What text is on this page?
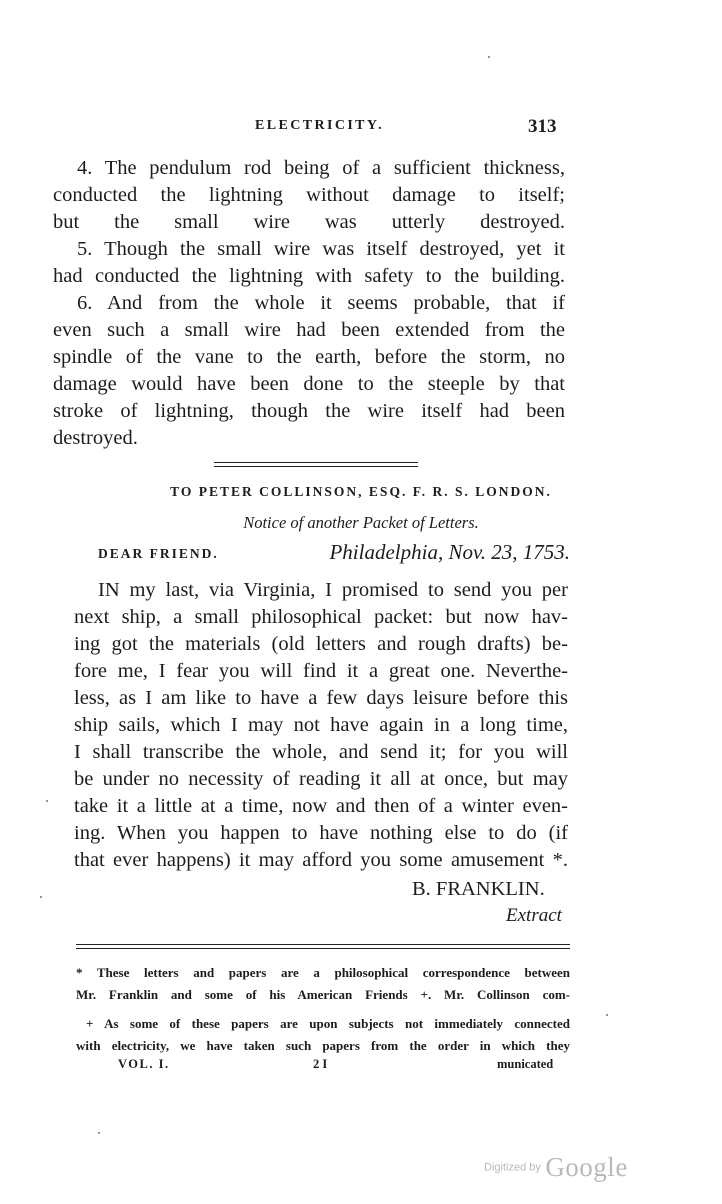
ELECTRICITY.	313
4. The pendulum rod being of a sufficient thickness,
conducted the lightning without damage to itself;
but the small wire was utterly destroyed.
5. Though the small wire was itself destroyed, yet it
had conducted the lightning with safety to the building.
6. And from the whole it seems probable, that if
even such a small wire had been extended from the
spindle of the vane to the earth, before the storm, no
damage would have been done to the steeple by that
stroke of lightning, though the wire itself had been
destroyed.
TO PETER COLLINSON, ESQ. F. R. S. LONDON.
Notice of another Packet of Letters.
DEAR FRIEND.	Philadelphia, Nov. 23, 1753.
IN my last, via Virginia, I promised to send you per
next ship, a small philosophical packet: but now hav-
ing got the materials (old letters and rough drafts) be-
fore me, I fear you will find it a great one. Neverthe-
less, as I am like to have a few days leisure before this
ship sails, which I may not have again in a long time,
I shall transcribe the whole, and send it; for you will
be under no necessity of reading it all at once, but may
take it a little at a time, now and then of a winter even-
ing. When you happen to have nothing else to do (if
that ever happens) it may afford you some amusement *.
B. FRANKLIN.
Extract
* These letters and papers are a philosophical correspondence between
Mr. Franklin and some of his American Friends +. Mr. Collinson com-
+ As some of these papers are upon subjects not immediately connected
with electricity, we have taken such papers from the order in which they
VOL. I.	2 I	municated
Digitized by Google
